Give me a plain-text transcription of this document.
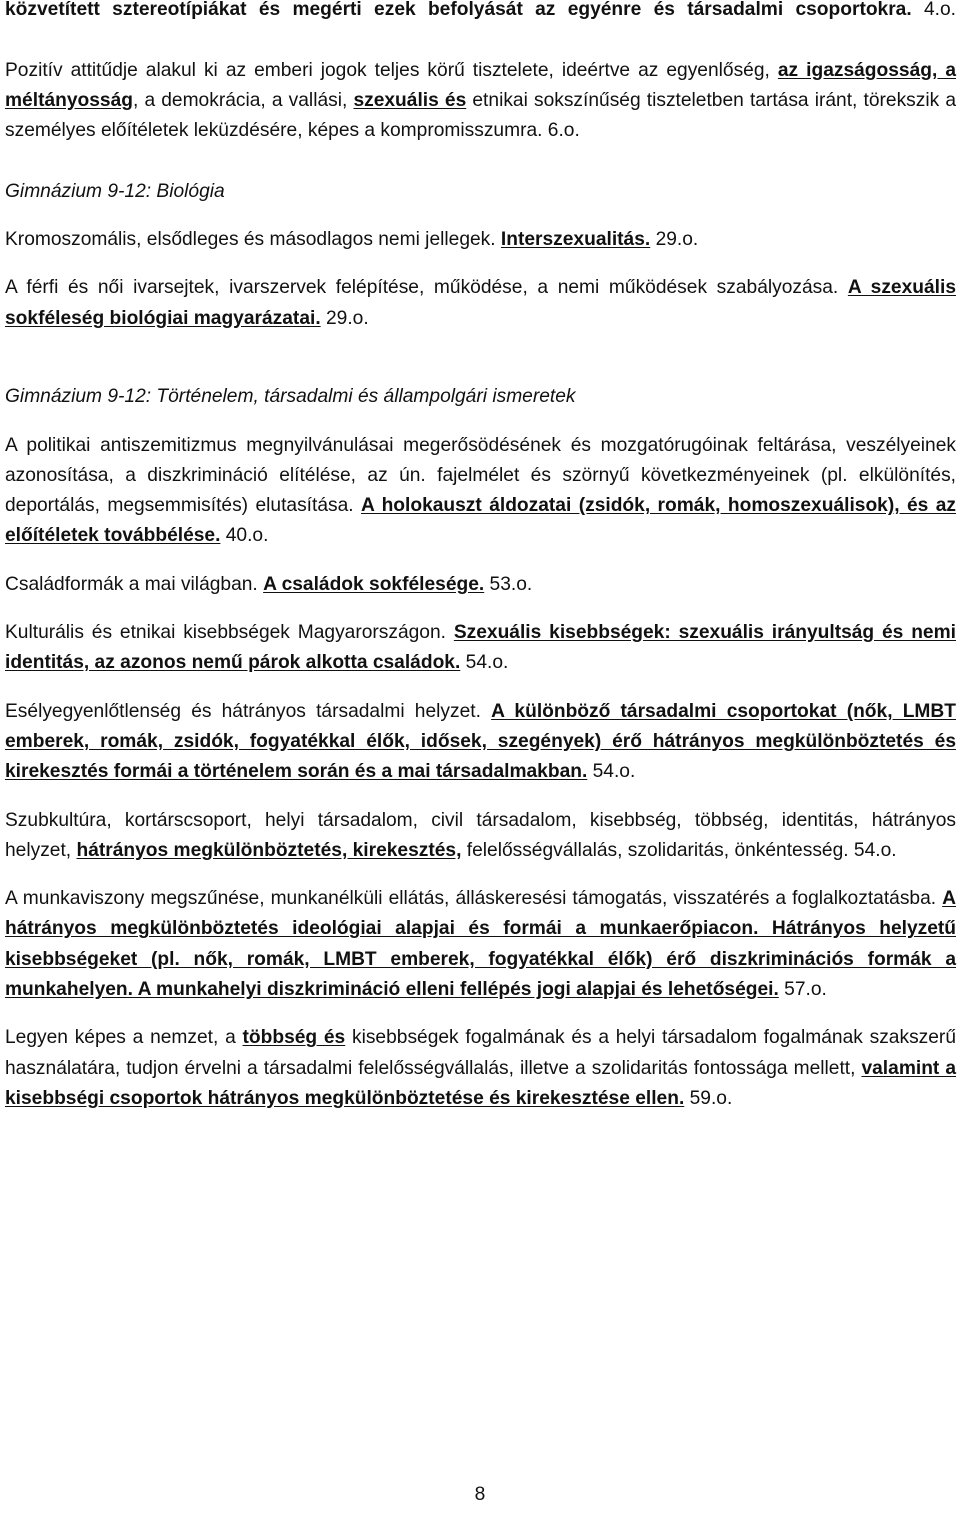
közvetített sztereotípiákat és megérti ezek befolyását az egyénre és társadalmi csoportokra. 4.o.

Pozitív attitűdje alakul ki az emberi jogok teljes körű tisztelete, ideértve az egyenlőség, az igazságosság, a méltányosság, a demokrácia, a vallási, szexuális és etnikai sokszínűség tiszteletben tartása iránt, törekszik a személyes előítéletek leküzdésére, képes a kompromisszumra. 6.o.

Gimnázium 9-12: Biológia

Kromoszomális, elsődleges és másodlagos nemi jellegek. Interszexualitás. 29.o.

A férfi és női ivarsejtek, ivarszervek felépítése, működése, a nemi működések szabályozása. A szexuális sokféleség biológiai magyarázatai. 29.o.

Gimnázium 9-12: Történelem, társadalmi és állampolgári ismeretek

A politikai antiszemitizmus megnyilvánulásai megerősödésének és mozgatórugóinak feltárása, veszélyeinek azonosítása, a diszkrimináció elítélése, az ún. fajelmélet és szörnyű következményeinek (pl. elkülönítés, deportálás, megsemmisítés) elutasítása. A holokauszt áldozatai (zsidók, romák, homoszexuálisok), és az előítéletek továbbélése. 40.o.

Családformák a mai világban. A családok sokfélesége. 53.o.

Kulturális és etnikai kisebbségek Magyarországon. Szexuális kisebbségek: szexuális irányultság és nemi identitás, az azonos nemű párok alkotta családok. 54.o.

Esélyegyenlőtlenség és hátrányos társadalmi helyzet. A különböző társadalmi csoportokat (nők, LMBT emberek, romák, zsidók, fogyatékkal élők, idősek, szegények) érő hátrányos megkülönböztetés és kirekesztés formái a történelem során és a mai társadalmakban. 54.o.

Szubkultúra, kortárscsoport, helyi társadalom, civil társadalom, kisebbség, többség, identitás, hátrányos helyzet, hátrányos megkülönböztetés, kirekesztés, felelősségvállalás, szolidaritás, önkéntesség. 54.o.

A munkaviszony megszűnése, munkanélküli ellátás, álláskeresési támogatás, visszatérés a foglalkoztatásba. A hátrányos megkülönböztetés ideológiai alapjai és formái a munkaerőpiacon. Hátrányos helyzetű kisebbségeket (pl. nők, romák, LMBT emberek, fogyatékkal élők) érő diszkriminációs formák a munkahelyen. A munkahelyi diszkrimináció elleni fellépés jogi alapjai és lehetőségei. 57.o.

Legyen képes a nemzet, a többség és kisebbségek fogalmának és a helyi társadalom fogalmának szakszerű használatára, tudjon érvelni a társadalmi felelősségvállalás, illetve a szolidaritás fontossága mellett, valamint a kisebbségi csoportok hátrányos megkülönböztetése és kirekesztése ellen. 59.o.

8
